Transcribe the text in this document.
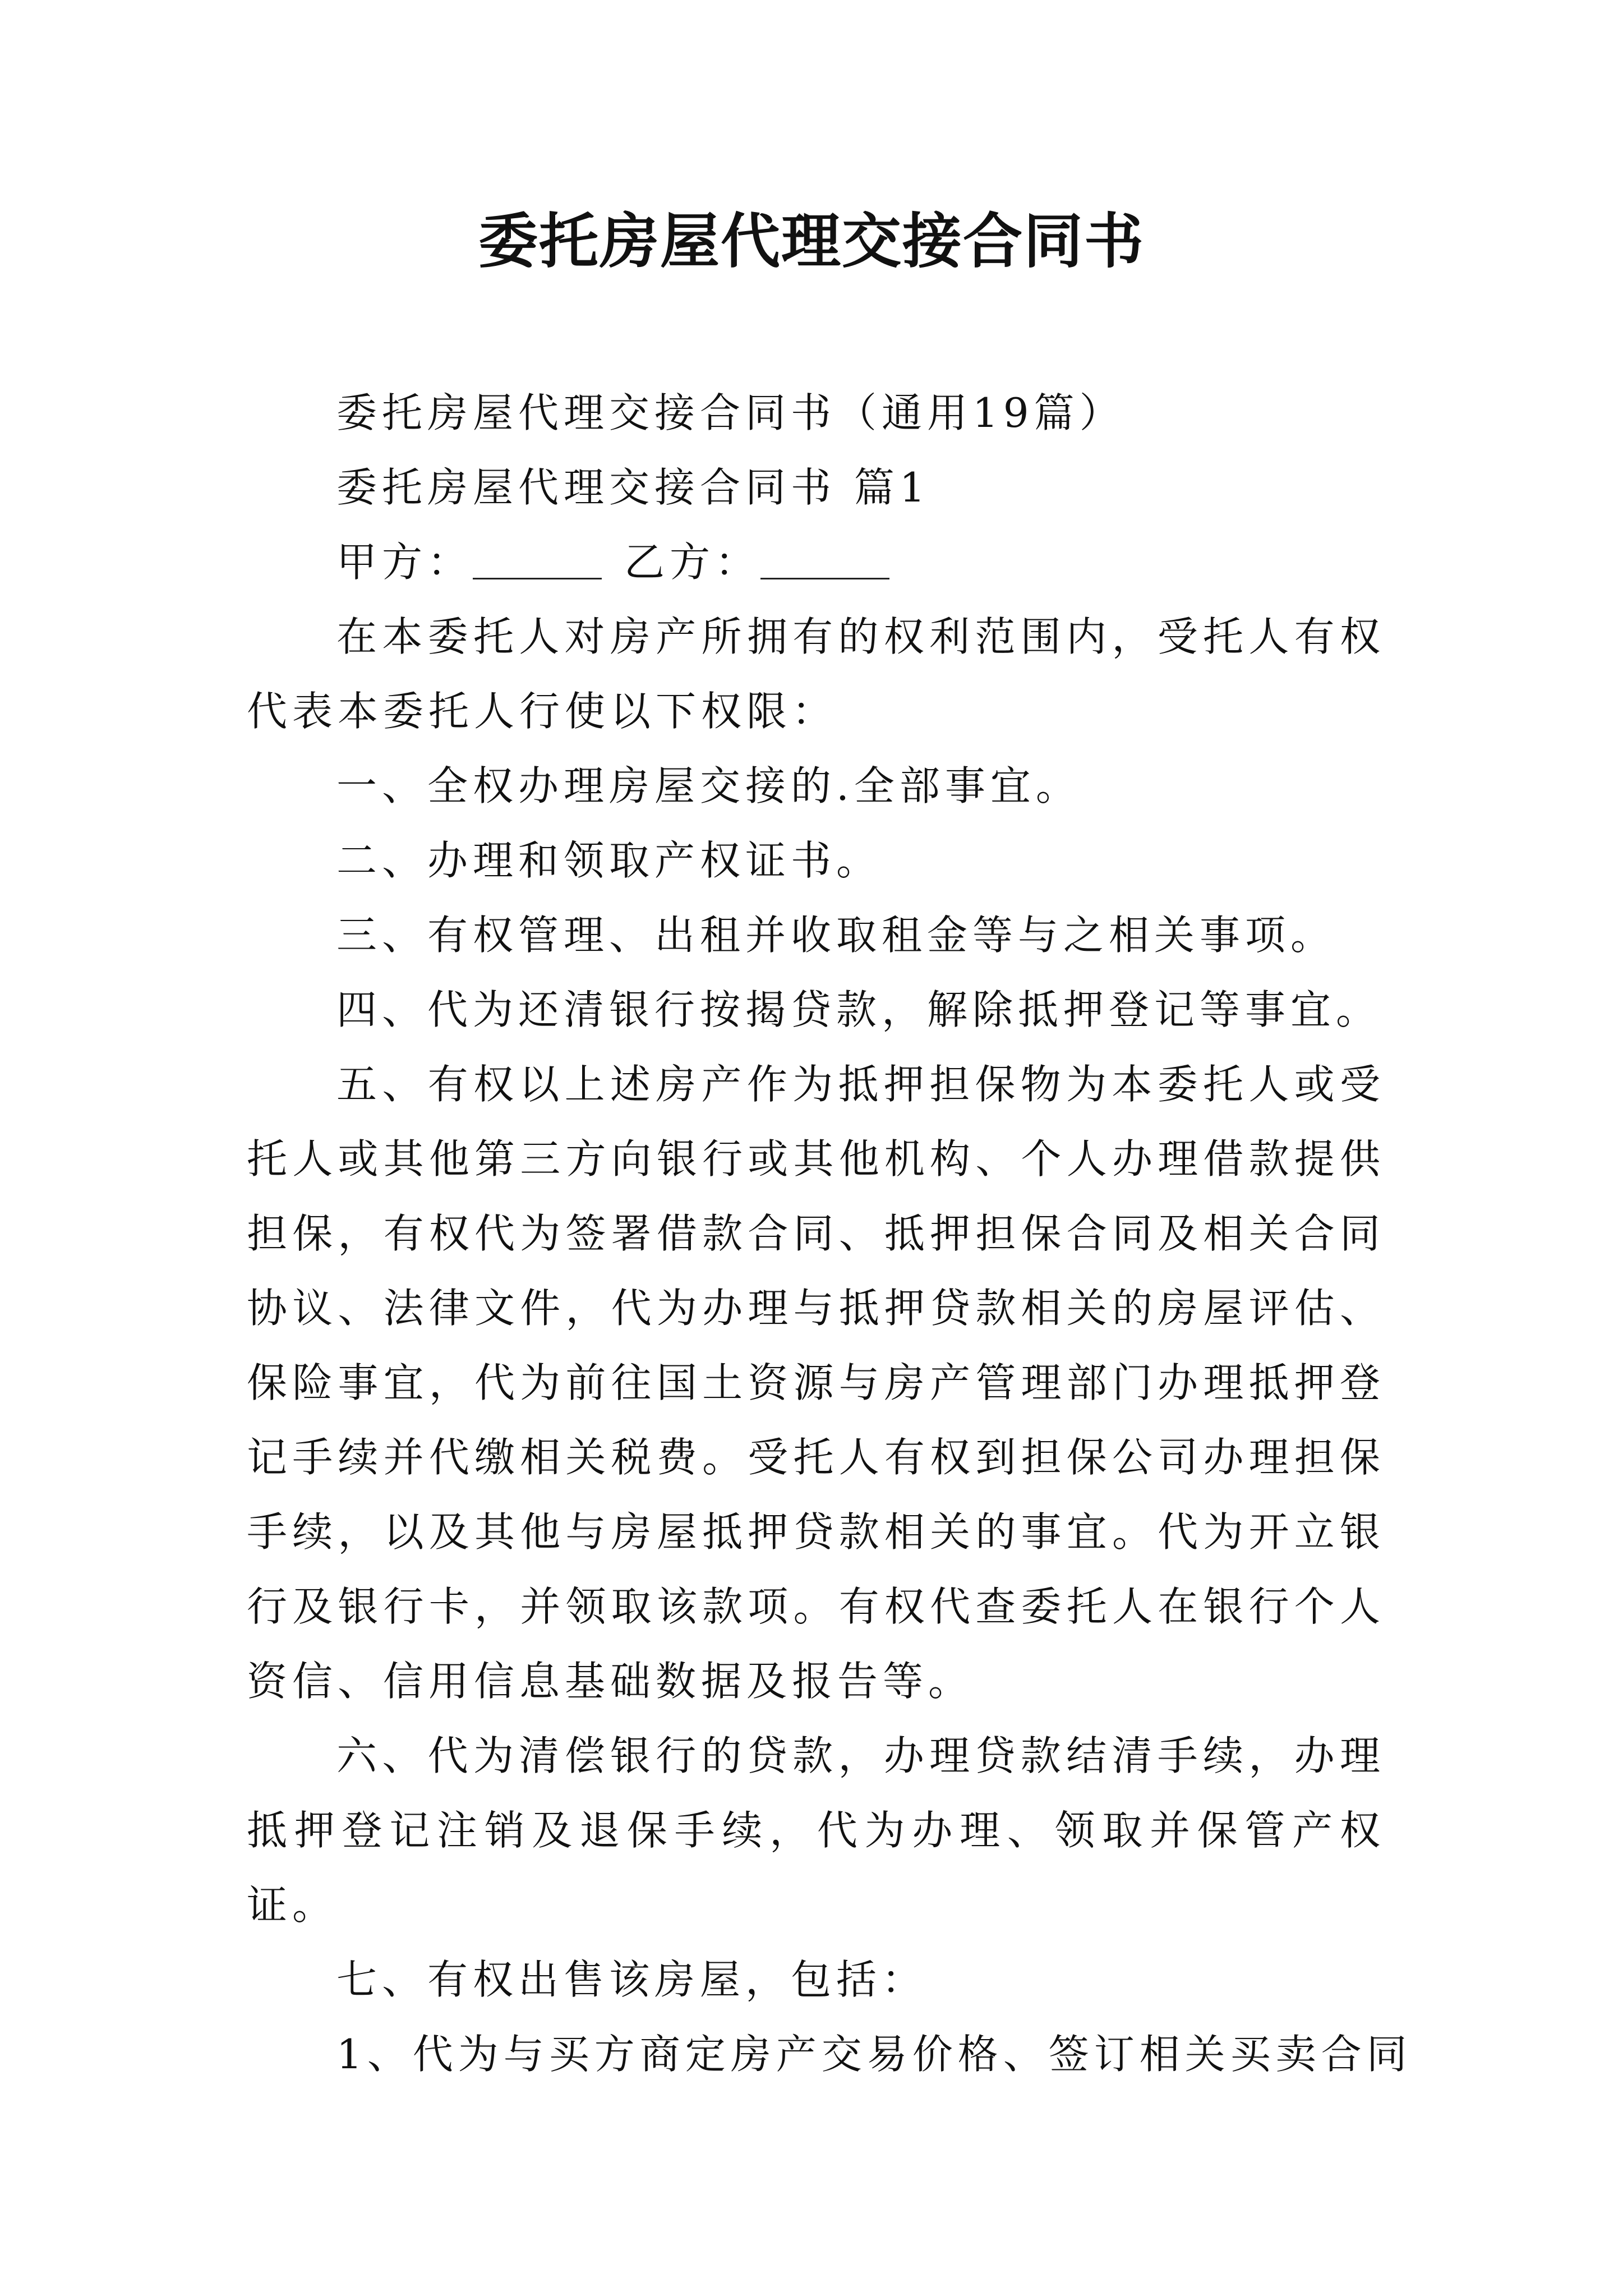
委托房屋代理交接合同书

委托房屋代理交接合同书（通用19篇）

委托房屋代理交接合同书 篇1

甲方：	乙方：

在本委托人对房产所拥有的权利范围内，受托人有权代表本委托人行使以下权限：

一、全权办理房屋交接的.全部事宜。

二、办理和领取产权证书。

三、有权管理、出租并收取租金等与之相关事项。

四、代为还清银行按揭贷款，解除抵押登记等事宜。

五、有权以上述房产作为抵押担保物为本委托人或受托人或其他第三方向银行或其他机构、个人办理借款提供担保，有权代为签署借款合同、抵押担保合同及相关合同协议、法律文件，代为办理与抵押贷款相关的房屋评估、保险事宜，代为前往国土资源与房产管理部门办理抵押登记手续并代缴相关税费。受托人有权到担保公司办理担保手续，以及其他与房屋抵押贷款相关的事宜。代为开立银行及银行卡，并领取该款项。有权代查委托人在银行个人资信、信用信息基础数据及报告等。

六、代为清偿银行的贷款，办理贷款结清手续，办理抵押登记注销及退保手续，代为办理、领取并保管产权证。

七、有权出售该房屋，包括：

1、代为与买方商定房产交易价格、签订相关买卖合同
